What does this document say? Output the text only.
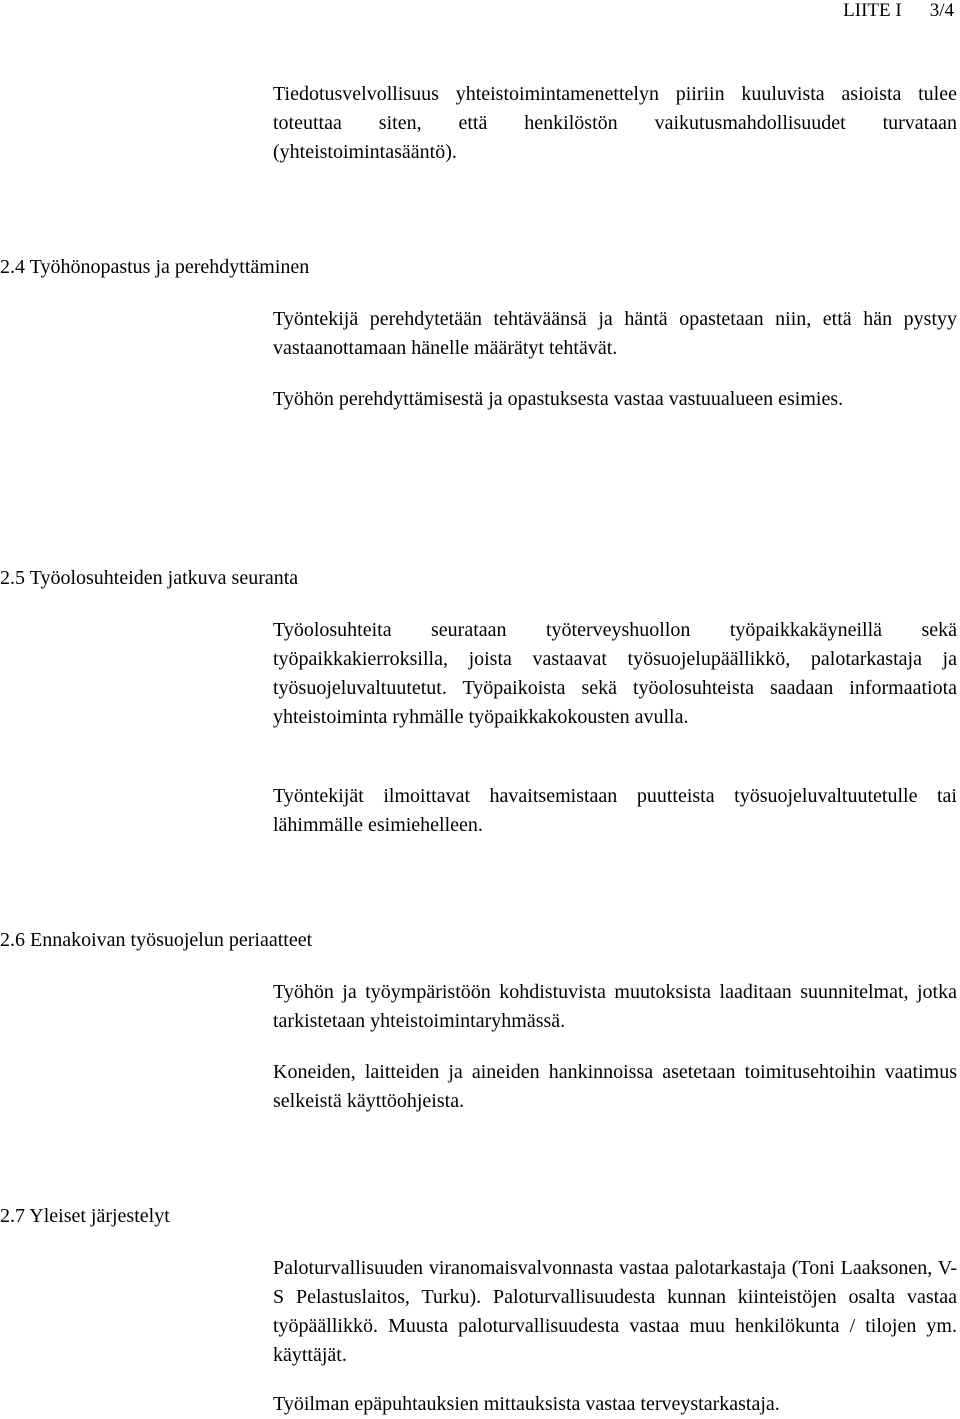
LIITE I 3/4

Tiedotusvelvollisuus yhteistoimintamenettelyn piiriin kuuluvista asioista tulee toteuttaa siten, että henkilöstön vaikutusmahdollisuudet turvataan (yhteistoimintasääntö).

2.4 Työhönopastus ja perehdyttäminen

Työntekijä perehdytetään tehtäväänsä ja häntä opastetaan niin, että hän pystyy vastaanottamaan hänelle määrätyt tehtävät.

Työhön perehdyttämisestä ja opastuksesta vastaa vastuualueen esimies.

2.5 Työolosuhteiden jatkuva seuranta

Työolosuhteita seurataan työterveyshuollon työpaikkakäyneillä sekä työpaikkakierroksilla, joista vastaavat työsuojelupäällikkö, palotarkastaja ja työsuojeluvaltuutetut. Työpaikoista sekä työolosuhteista saadaan informaatiota yhteistoiminta ryhmälle työpaikkakokousten avulla.

Työntekijät ilmoittavat havaitsemistaan puutteista työsuojeluvaltuutetulle tai lähimmälle esimiehelleen.

2.6 Ennakoivan työsuojelun periaatteet

Työhön ja työympäristöön kohdistuvista muutoksista laaditaan suunnitelmat, jotka tarkistetaan yhteistoimintaryhmässä.

Koneiden, laitteiden ja aineiden hankinnoissa asetetaan toimitusehtoihin vaatimus selkeistä käyttöohjeista.

2.7 Yleiset järjestelyt

Paloturvallisuuden viranomaisvalvonnasta vastaa palotarkastaja (Toni Laaksonen, V-S Pelastuslaitos, Turku). Paloturvallisuudesta kunnan kiinteistöjen osalta vastaa työpäällikkö. Muusta paloturvallisuudesta vastaa muu henkilökunta / tilojen ym. käyttäjät.

Työilman epäpuhtauksien mittauksista vastaa terveystarkastaja.
